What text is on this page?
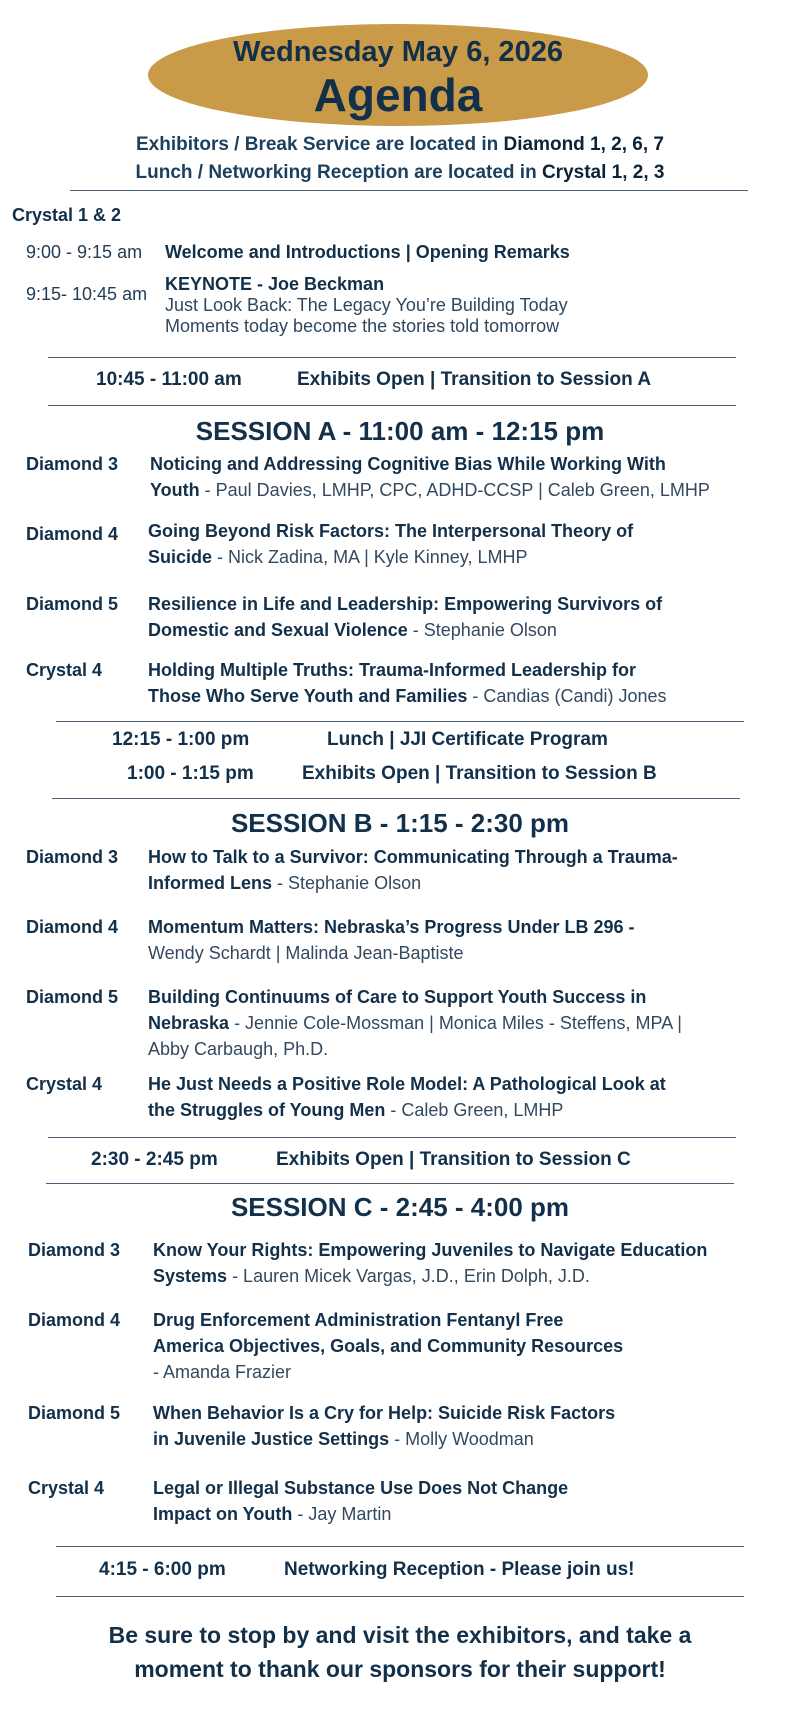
Wednesday May 6, 2026
Agenda
Exhibitors / Break Service are located in Diamond 1, 2, 6, 7
Lunch / Networking Reception are located in Crystal 1, 2, 3
Crystal 1 & 2
9:00 - 9:15 am Welcome and Introductions | Opening Remarks
9:15- 10:45 am KEYNOTE - Joe Beckman
Just Look Back: The Legacy You’re Building Today
Moments today become the stories told tomorrow
10:45 - 11:00 am	Exhibits Open | Transition to Session A
SESSION A - 11:00 am - 12:15 pm
Diamond 3 Noticing and Addressing Cognitive Bias While Working With
Youth - Paul Davies, LMHP, CPC, ADHD-CCSP | Caleb Green, LMHP
Diamond 4 Going Beyond Risk Factors: The Interpersonal Theory of
Suicide - Nick Zadina, MA | Kyle Kinney, LMHP
Diamond 5 Resilience in Life and Leadership: Empowering Survivors of
Domestic and Sexual Violence - Stephanie Olson
Crystal 4	Holding Multiple Truths: Trauma-Informed Leadership for
Those Who Serve Youth and Families - Candias (Candi) Jones
12:15 - 1:00 pm	Lunch | JJI Certificate Program
1:00 - 1:15 pm	Exhibits Open | Transition to Session B
SESSION B - 1:15 - 2:30 pm
Diamond 3 How to Talk to a Survivor: Communicating Through a Trauma-
Informed Lens - Stephanie Olson
Diamond 4 Momentum Matters: Nebraska’s Progress Under LB 296 -
Wendy Schardt | Malinda Jean-Baptiste
Diamond 5 Building Continuums of Care to Support Youth Success in
Nebraska - Jennie Cole-Mossman | Monica Miles - Steffens, MPA |
Abby Carbaugh, Ph.D.
Crystal 4	He Just Needs a Positive Role Model: A Pathological Look at
the Struggles of Young Men - Caleb Green, LMHP
2:30 - 2:45 pm	Exhibits Open | Transition to Session C
SESSION C - 2:45 - 4:00 pm
Diamond 3 Know Your Rights: Empowering Juveniles to Navigate Education
Systems - Lauren Micek Vargas, J.D., Erin Dolph, J.D.
Diamond 4 Drug Enforcement Administration Fentanyl Free
America Objectives, Goals, and Community Resources
- Amanda Frazier
Diamond 5 When Behavior Is a Cry for Help: Suicide Risk Factors
in Juvenile Justice Settings - Molly Woodman
Crystal 4	Legal or Illegal Substance Use Does Not Change
Impact on Youth - Jay Martin
4:15 - 6:00 pm	Networking Reception - Please join us!
Be sure to stop by and visit the exhibitors, and take a
moment to thank our sponsors for their support!
